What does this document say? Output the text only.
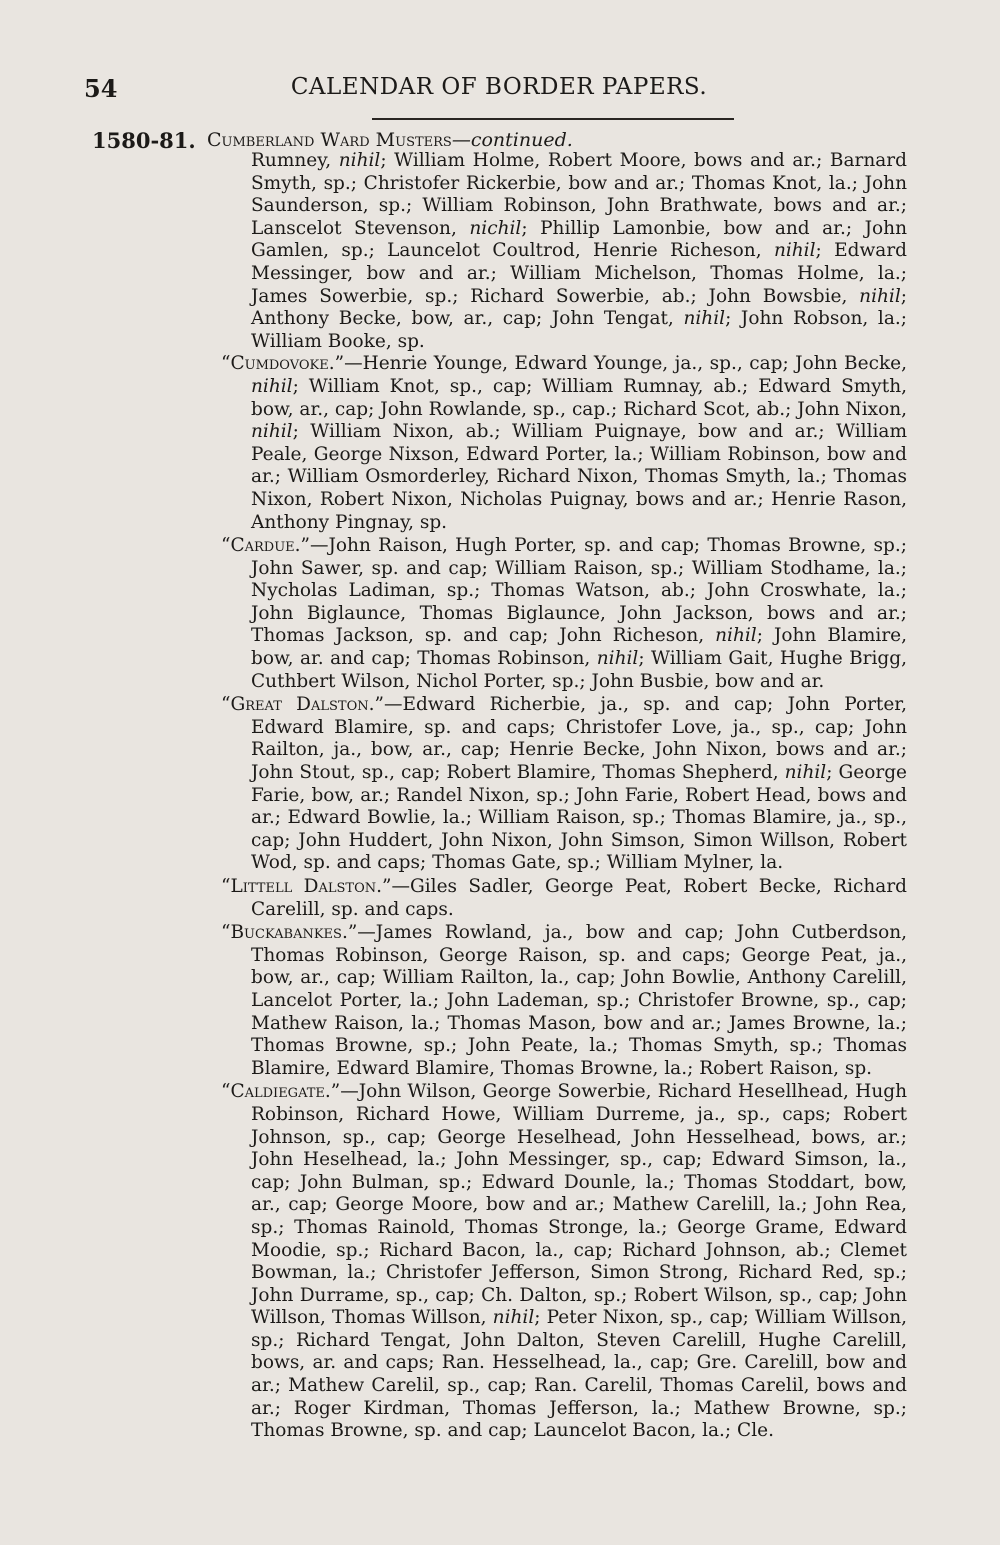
54	CALENDAR OF BORDER PAPERS.
1580-81. Cumberland Ward Musters—continued.

Rumney, nihil; William Holme, Robert Moore, bows and ar.; Barnard Smyth, sp.; Christofer Rickerbie, bow and ar.; Thomas Knot, la.; John Saunderson, sp.; William Robinson, John Brathwate, bows and ar.; Lanscelot Stevenson, nichil; Phillip Lamonbie, bow and ar.; John Gamlen, sp.; Launcelot Coultrod, Henrie Richeson, nihil; Edward Messinger, bow and ar.; William Michelson, Thomas Holme, la.; James Sowerbie, sp.; Richard Sowerbie, ab.; John Bowsbie, nihil; Anthony Becke, bow, ar., cap; John Tengat, nihil; John Robson, la.; William Booke, sp.

“Cumdovoke.”—Henrie Younge, Edward Younge, ja., sp., cap; John Becke, nihil; William Knot, sp., cap; William Rumnay, ab.; Edward Smyth, bow, ar., cap; John Rowlande, sp., cap.; Richard Scot, ab.; John Nixon, nihil; William Nixon, ab.; William Puignaye, bow and ar.; William Peale, George Nixson, Edward Porter, la.; William Robinson, bow and ar.; William Osmorderley, Richard Nixon, Thomas Smyth, la.; Thomas Nixon, Robert Nixon, Nicholas Puignay, bows and ar.; Henrie Rason, Anthony Pingnay, sp.

“Cardue.”—John Raison, Hugh Porter, sp. and cap; Thomas Browne, sp.; John Sawer, sp. and cap; William Raison, sp.; William Stodhame, la.; Nycholas Ladiman, sp.; Thomas Watson, ab.; John Croswhate, la.; John Biglaunce, Thomas Biglaunce, John Jackson, bows and ar.; Thomas Jackson, sp. and cap; John Richeson, nihil; John Blamire, bow, ar. and cap; Thomas Robinson, nihil; William Gait, Hughe Brigg, Cuthbert Wilson, Nichol Porter, sp.; John Busbie, bow and ar.

“Great Dalston.”—Edward Richerbie, ja., sp. and cap; John Porter, Edward Blamire, sp. and caps; Christofer Love, ja., sp., cap; John Railton, ja., bow, ar., cap; Henrie Becke, John Nixon, bows and ar.; John Stout, sp., cap; Robert Blamire, Thomas Shepherd, nihil; George Farie, bow, ar.; Randel Nixon, sp.; John Farie, Robert Head, bows and ar.; Edward Bowlie, la.; William Raison, sp.; Thomas Blamire, ja., sp., cap; John Huddert, John Nixon, John Simson, Simon Willson, Robert Wod, sp. and caps; Thomas Gate, sp.; William Mylner, la.

“Littell Dalston.”—Giles Sadler, George Peat, Robert Becke, Richard Carelill, sp. and caps.

“Buckabankes.”—James Rowland, ja., bow and cap; John Cutberdson, Thomas Robinson, George Raison, sp. and caps; George Peat, ja., bow, ar., cap; William Railton, la., cap; John Bowlie, Anthony Carelill, Lancelot Porter, la.; John Lademan, sp.; Christofer Browne, sp., cap; Mathew Raison, la.; Thomas Mason, bow and ar.; James Browne, la.; Thomas Browne, sp.; John Peate, la.; Thomas Smyth, sp.; Thomas Blamire, Edward Blamire, Thomas Browne, la.; Robert Raison, sp.

“Caldiegate.”—John Wilson, George Sowerbie, Richard Hesellhead, Hugh Robinson, Richard Howe, William Durreme, ja., sp., caps; Robert Johnson, sp., cap; George Heselhead, John Hesselhead, bows, ar.; John Heselhead, la.; John Messinger, sp., cap; Edward Simson, la., cap; John Bulman, sp.; Edward Dounle, la.; Thomas Stoddart, bow, ar., cap; George Moore, bow and ar.; Mathew Carelill, la.; John Rea, sp.; Thomas Rainold, Thomas Stronge, la.; George Grame, Edward Moodie, sp.; Richard Bacon, la., cap; Richard Johnson, ab.; Clemet Bowman, la.; Christofer Jefferson, Simon Strong, Richard Red, sp.; John Durrame, sp., cap; Ch. Dalton, sp.; Robert Wilson, sp., cap; John Willson, Thomas Willson, nihil; Peter Nixon, sp., cap; William Willson, sp.; Richard Tengat, John Dalton, Steven Carelill, Hughe Carelill, bows, ar. and caps; Ran. Hesselhead, la., cap; Gre. Carelill, bow and ar.; Mathew Carelil, sp., cap; Ran. Carelil, Thomas Carelil, bows and ar.; Roger Kirdman, Thomas Jefferson, la.; Mathew Browne, sp.; Thomas Browne, sp. and cap; Launcelot Bacon, la.; Cle.
